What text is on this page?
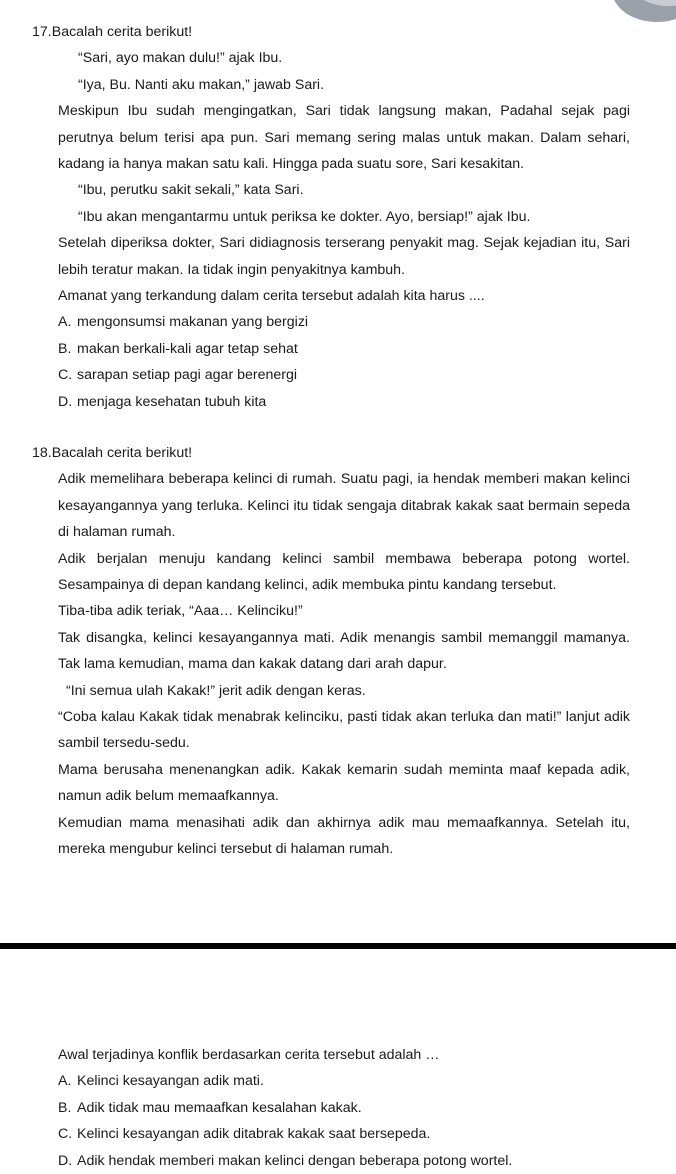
17.Bacalah cerita berikut!
“Sari, ayo makan dulu!” ajak Ibu.
“Iya, Bu. Nanti aku makan,” jawab Sari.
Meskipun Ibu sudah mengingatkan, Sari tidak langsung makan, Padahal sejak pagi perutnya belum terisi apa pun. Sari memang sering malas untuk makan. Dalam sehari, kadang ia hanya makan satu kali. Hingga pada suatu sore, Sari kesakitan.
“Ibu, perutku sakit sekali,” kata Sari.
“Ibu akan mengantarmu untuk periksa ke dokter. Ayo, bersiap!” ajak Ibu.
Setelah diperiksa dokter, Sari didiagnosis terserang penyakit mag. Sejak kejadian itu, Sari lebih teratur makan. Ia tidak ingin penyakitnya kambuh.
Amanat yang terkandung dalam cerita tersebut adalah kita harus ....
A. mengonsumsi makanan yang bergizi
B. makan berkali-kali agar tetap sehat
C. sarapan setiap pagi agar berenergi
D. menjaga kesehatan tubuh kita
18.Bacalah cerita berikut!
Adik memelihara beberapa kelinci di rumah. Suatu pagi, ia hendak memberi makan kelinci kesayangannya yang terluka. Kelinci itu tidak sengaja ditabrak kakak saat bermain sepeda di halaman rumah.
Adik berjalan menuju kandang kelinci sambil membawa beberapa potong wortel. Sesampainya di depan kandang kelinci, adik membuka pintu kandang tersebut.
Tiba-tiba adik teriak, “Aaa… Kelinciku!”
Tak disangka, kelinci kesayangannya mati. Adik menangis sambil memanggil mamanya. Tak lama kemudian, mama dan kakak datang dari arah dapur.
“Ini semua ulah Kakak!” jerit adik dengan keras.
“Coba kalau Kakak tidak menabrak kelinciku, pasti tidak akan terluka dan mati!” lanjut adik sambil tersedu-sedu.
Mama berusaha menenangkan adik. Kakak kemarin sudah meminta maaf kepada adik, namun adik belum memaafkannya.
Kemudian mama menasihati adik dan akhirnya adik mau memaafkannya. Setelah itu, mereka mengubur kelinci tersebut di halaman rumah.
Awal terjadinya konflik berdasarkan cerita tersebut adalah …
A. Kelinci kesayangan adik mati.
B. Adik tidak mau memaafkan kesalahan kakak.
C. Kelinci kesayangan adik ditabrak kakak saat bersepeda.
D. Adik hendak memberi makan kelinci dengan beberapa potong wortel.
